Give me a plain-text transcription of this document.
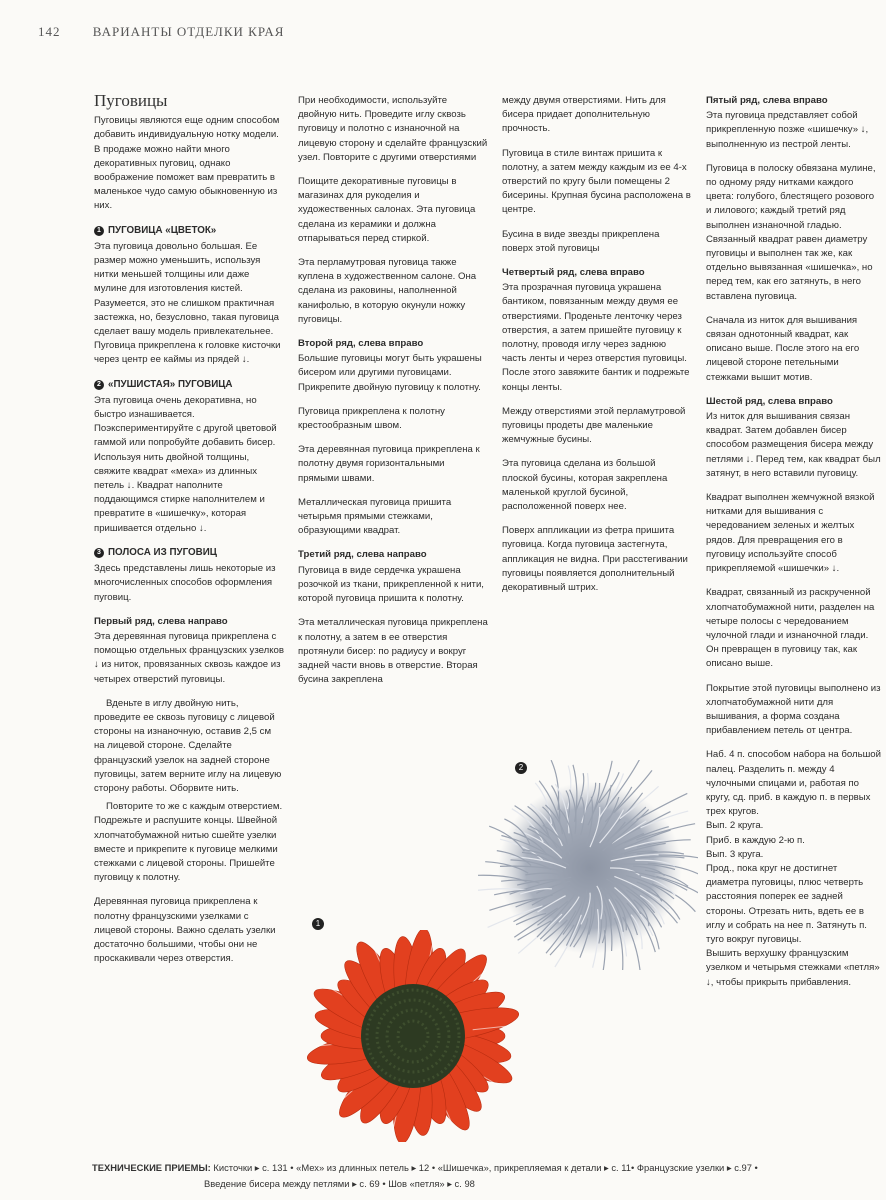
142 ВАРИАНТЫ ОТДЕЛКИ КРАЯ
Пуговицы

Пуговицы являются еще одним способом добавить индивидуальную нотку модели. В продаже можно найти много декоративных пуговиц, однако воображение поможет вам превратить в маленькое чудо самую обыкновенную из них.

1 ПУГОВИЦА «ЦВЕТОК»

Эта пуговица довольно большая. Ее размер можно уменьшить, используя нитки меньшей толщины или даже мулине для изготовления кистей. Разумеется, это не слишком практичная застежка, но, безусловно, такая пуговица сделает вашу модель привлекательнее.

Пуговица прикреплена к головке кисточки через центр ее каймы из прядей ↓.

2 «ПУШИСТАЯ» ПУГОВИЦА

Эта пуговица очень декоративна, но быстро изнашивается. Поэкспериментируйте с другой цветовой гаммой или попробуйте добавить бисер. Используя нить двойной толщины, свяжите квадрат «меха» из длинных петель ↓. Квадрат наполните поддающимся стирке наполнителем и превратите в «шишечку», которая пришивается отдельно ↓.

3 ПОЛОСА ИЗ ПУГОВИЦ

Здесь представлены лишь некоторые из многочисленных способов оформления пуговиц.

Первый ряд, слева направо

Эта деревянная пуговица прикреплена с помощью отдельных французских узелков ↓ из ниток, провязанных сквозь каждое из четырех отверстий пуговицы.

Вденьте в иглу двойную нить, проведите ее сквозь пуговицу с лицевой стороны на изнаночную, оставив 2,5 см на лицевой стороне. Сделайте французский узелок на задней стороне пуговицы, затем верните иглу на лицевую сторону работы. Оборвите нить.

Повторите то же с каждым отверстием. Подрежьте и распушите концы. Швейной хлопчатобумажной нитью сшейте узелки вместе и прикрепите к пуговице мелкими стежками с лицевой стороны. Пришейте пуговицу к полотну.

Деревянная пуговица прикреплена к полотну французскими узелками с лицевой стороны. Важно сделать узелки достаточно большими, чтобы они не проскакивали через отверстия.

При необходимости, используйте двойную нить. Проведите иглу сквозь пуговицу и полотно с изнаночной на лицевую сторону и сделайте французский узел. Повторите с другими отверстиями

Поищите декоративные пуговицы в магазинах для рукоделия и художественных салонах. Эта пуговица сделана из керамики и должна отпарываться перед стиркой.

Эта перламутровая пуговица также куплена в художественном салоне. Она сделана из раковины, наполненной канифолью, в которую окунули ножку пуговицы.

Второй ряд, слева вправо

Большие пуговицы могут быть украшены бисером или другими пуговицами. Прикрепите двойную пуговицу к полотну.

Пуговица прикреплена к полотну крестообразным швом.

Эта деревянная пуговица прикреплена к полотну двумя горизонтальными прямыми швами.

Металлическая пуговица пришита четырьмя прямыми стежками, образующими квадрат.

Третий ряд, слева направо

Пуговица в виде сердечка украшена розочкой из ткани, прикрепленной к нити, которой пуговица пришита к полотну.

Эта металлическая пуговица прикреплена к полотну, а затем в ее отверстия протянули бисер: по радиусу и вокруг задней части вновь в отверстие. Вторая бусина закреплена

между двумя отверстиями. Нить для бисера придает дополнительную прочность.

Пуговица в стиле винтаж пришита к полотну, а затем между каждым из ее 4-х отверстий по кругу были помещены 2 бисерины. Крупная бусина расположена в центре.

Бусина в виде звезды прикреплена поверх этой пуговицы

Четвертый ряд, слева вправо

Эта прозрачная пуговица украшена бантиком, повязанным между двумя ее отверстиями. Проденьте ленточку через отверстия, а затем пришейте пуговицу к полотну, проводя иглу через заднюю часть ленты и через отверстия пуговицы. После этого завяжите бантик и подрежьте концы ленты.

Между отверстиями этой перламутровой пуговицы продеты две маленькие жемчужные бусины.

Эта пуговица сделана из большой плоской бусины, которая закреплена маленькой круглой бусиной, расположенной поверх нее.

Поверх аппликации из фетра пришита пуговица. Когда пуговица застегнута, аппликация не видна. При расстегивании пуговицы появляется дополнительный декоративный штрих.

Пятый ряд, слева вправо

Эта пуговица представляет собой прикрепленную позже «шишечку» ↓, выполненную из пестрой ленты.

Пуговица в полоску обвязана мулине, по одному ряду нитками каждого цвета: голубого, блестящего розового и лилового; каждый третий ряд выполнен изнаночной гладью. Связанный квадрат равен диаметру пуговицы и выполнен так же, как отдельно вывязанная «шишечка», но перед тем, как его затянуть, в него вставлена пуговица.

Сначала из ниток для вышивания связан однотонный квадрат, как описано выше. После этого на его лицевой стороне петельными стежками вышит мотив.

Шестой ряд, слева вправо

Из ниток для вышивания связан квадрат. Затем добавлен бисер способом размещения бисера между петлями ↓. Перед тем, как квадрат был затянут, в него вставили пуговицу.

Квадрат выполнен жемчужной вязкой нитками для вышивания с чередованием зеленых и желтых рядов. Для превращения его в пуговицу используйте способ прикрепляемой «шишечки» ↓.

Квадрат, связанный из раскрученной хлопчатобумажной нити, разделен на четыре полосы с чередованием чулочной глади и изнаночной глади. Он превращен в пуговицу так, как описано выше.

Покрытие этой пуговицы выполнено из хлопчатобумажной нити для вышивания, а форма создана прибавлением петель от центра.

Наб. 4 п. способом набора на большой палец. Разделить п. между 4 чулочными спицами и, работая по кругу, сд. приб. в каждую п. в первых трех кругов.

Вып. 2 круга.

Приб. в каждую 2-ю п.

Вып. 3 круга.

Прод., пока круг не достигнет диаметра пуговицы, плюс четверть расстояния поперек ее задней стороны. Отрезать нить, вдеть ее в иглу и собрать на нее п. Затянуть п. туго вокруг пуговицы.

Вышить верхушку французским узелком и четырьмя стежками «петля» ↓, чтобы прикрыть прибавления.

2
1
ТЕХНИЧЕСКИЕ ПРИЕМЫ: Кисточки ▸ с. 131 • «Мех» из длинных петель ▸ 12 • «Шишечка», прикрепляемая к детали ▸ с. 11• Французские узелки ▸ с.97 •
Введение бисера между петлями ▸ с. 69 • Шов «петля» ▸ с. 98
